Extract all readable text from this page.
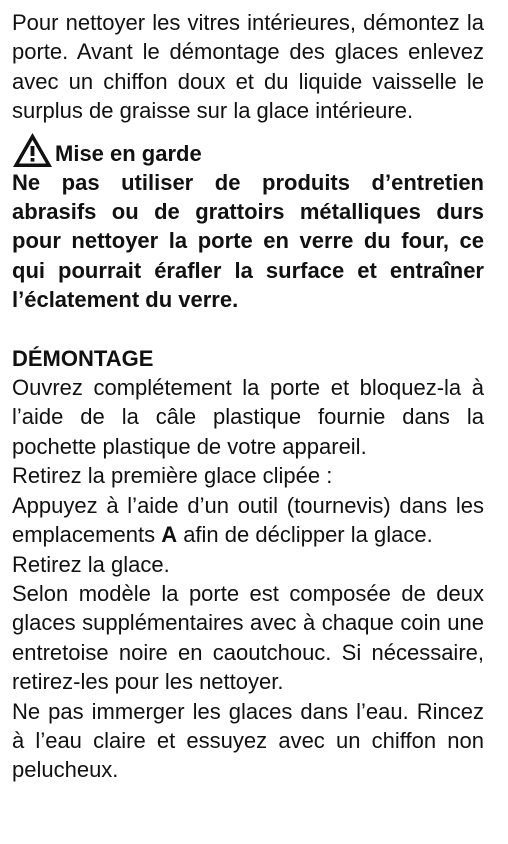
Pour nettoyer les vitres intérieures, démontez la porte. Avant le démontage des glaces enlevez avec un chiffon doux et du liquide vaisselle le surplus de graisse sur la glace intérieure.

Mise en garde

Ne pas utiliser de produits d’entretien abrasifs ou de grattoirs métalliques durs pour nettoyer la porte en verre du four, ce qui pourrait érafler la surface et entraîner l’éclatement du verre.

DÉMONTAGE

Ouvrez complétement la porte et bloquez-la à l’aide de la câle plastique fournie dans la pochette plastique de votre appareil.

Retirez la première glace clipée :

Appuyez à l’aide d’un outil (tournevis) dans les emplacements A afin de déclipper la glace.

Retirez la glace.

Selon modèle la porte est composée de deux glaces supplémentaires avec à chaque coin une entretoise noire en caoutchouc. Si nécessaire, retirez-les pour les nettoyer.

Ne pas immerger les glaces dans l’eau. Rincez à l’eau claire et essuyez avec un chiffon non pelucheux.
